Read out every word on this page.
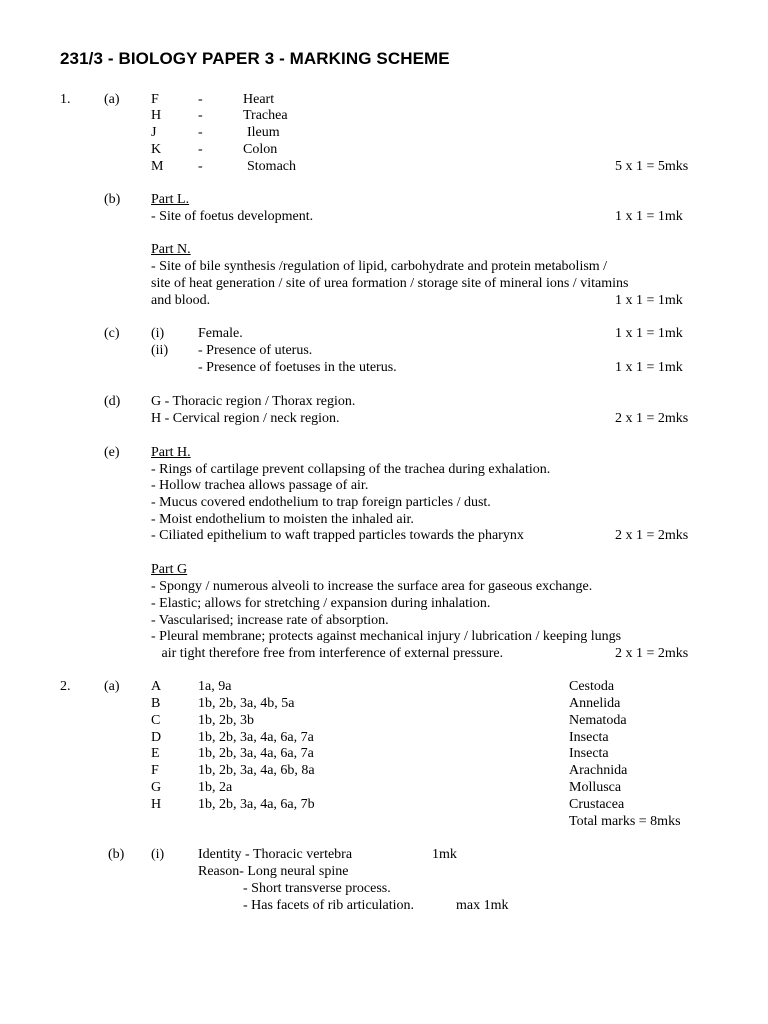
231/3 - BIOLOGY PAPER 3 - MARKING SCHEME
1. (a) F	-	Heart
H	-	Trachea
J	-	Ileum
K	-	Colon
M -	Stomach	5 x 1 = 5mks
(b) Part L.
- Site of foetus development.	1 x 1 = 1mk
Part N.
- Site of bile synthesis /regulation of lipid, carbohydrate and protein metabolism /
site of heat generation / site of urea formation / storage site of mineral ions / vitamins
and blood.	1 x 1 = 1mk
(c) (i) Female.	1 x 1 = 1mk
(ii) - Presence of uterus.
- Presence of foetuses in the uterus.	1 x 1 = 1mk
(d) G - Thoracic region / Thorax region.
H - Cervical region / neck region.	2 x 1 = 2mks
(e) Part H.
- Rings of cartilage prevent collapsing of the trachea during exhalation.
- Hollow trachea allows passage of air.
- Mucus covered endothelium to trap foreign particles / dust.
- Moist endothelium to moisten the inhaled air.
- Ciliated epithelium to waft trapped particles towards the pharynx	2 x 1 = 2mks
Part G
- Spongy / numerous alveoli to increase the surface area for gaseous exchange.
- Elastic; allows for stretching / expansion during inhalation.
- Vascularised; increase rate of absorption.
- Pleural membrane; protects against mechanical injury / lubrication / keeping lungs
air tight therefore free from interference of external pressure.	2 x 1 = 2mks
2. (a) A	1a, 9a	Cestoda
B	1b, 2b, 3a, 4b, 5a	Annelida
C	1b, 2b, 3b	Nematoda
D	1b, 2b, 3a, 4a, 6a, 7a	Insecta
E	1b, 2b, 3a, 4a, 6a, 7a	Insecta
F	1b, 2b, 3a, 4a, 6b, 8a	Arachnida
G	1b, 2a	Mollusca
H	1b, 2b, 3a, 4a, 6a, 7b	Crustacea
Total marks = 8mks
(b) (i) Identity - Thoracic vertebra	1mk
Reason- Long neural spine
- Short transverse process.
- Has facets of rib articulation.	max 1mk
